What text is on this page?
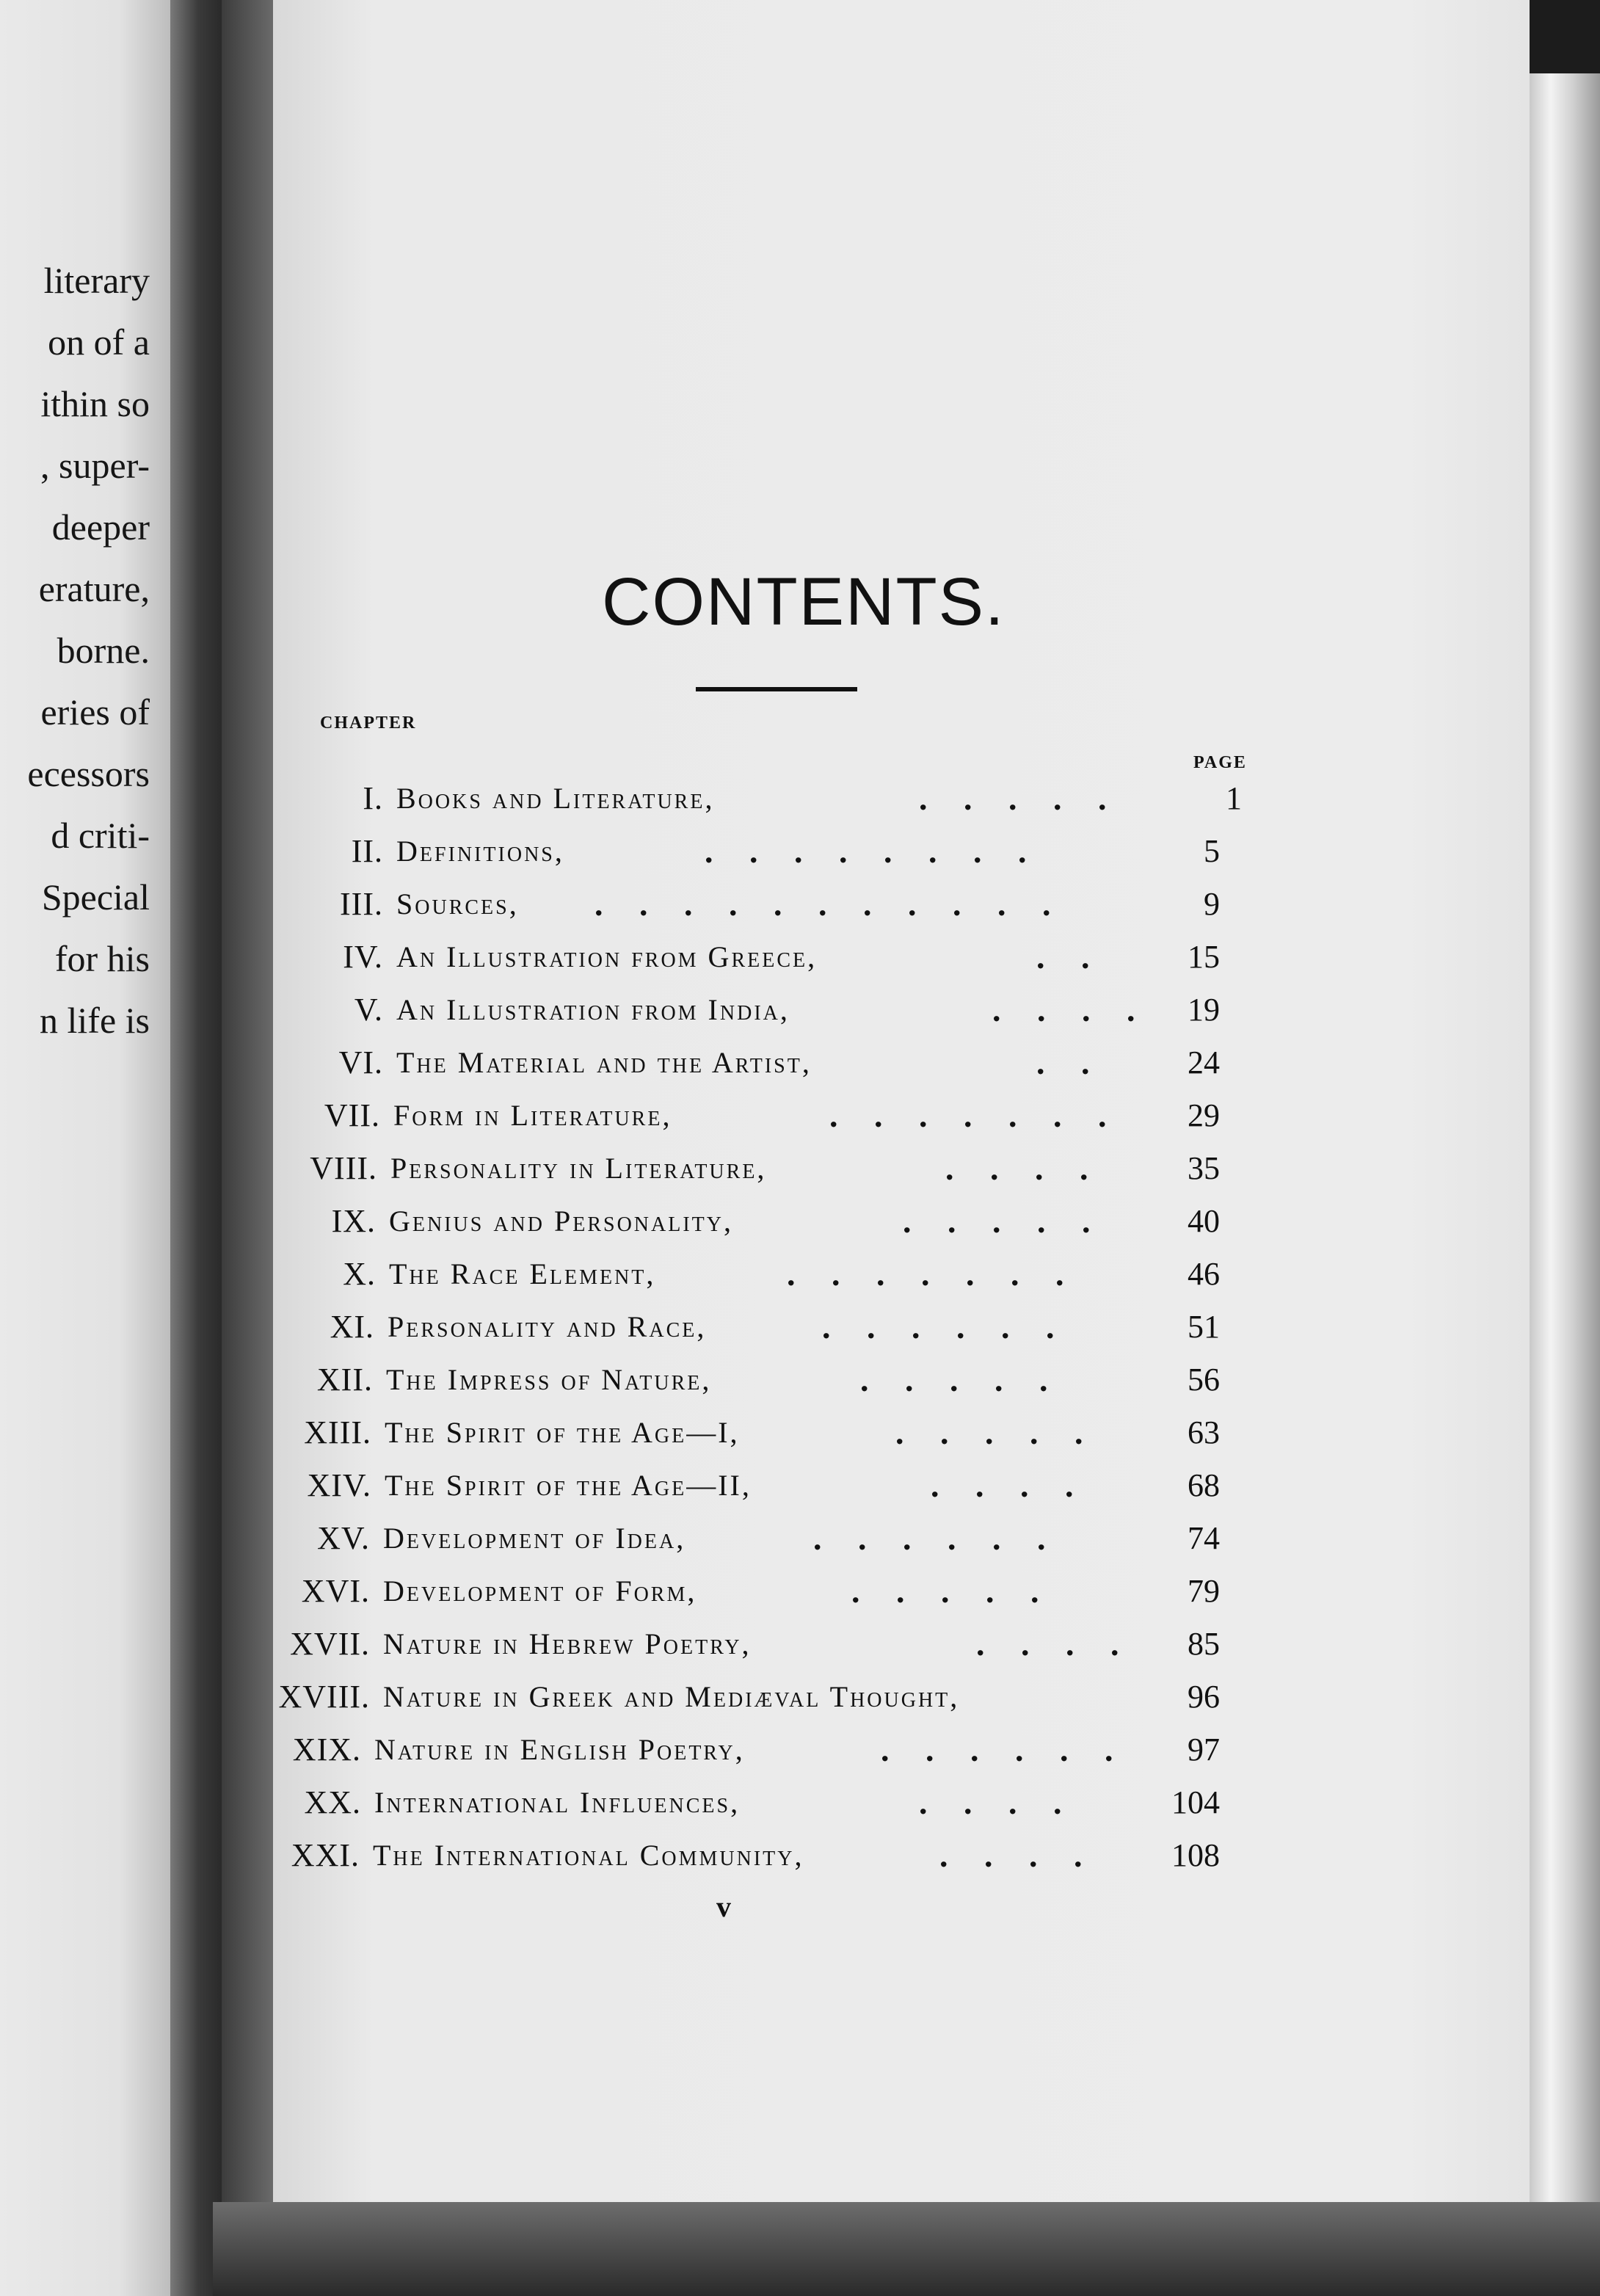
literary
on of a
ithin so
, super-
deeper
erature,
borne.
eries of
ecessors
d criti-
Special
for his
n life is
CONTENTS.
CHAPTER
PAGE
I. Books and Literature,	. . . . .	1
II. Definitions,	. . . . . . . .	5
III. Sources, . . . . . . . . . . .	9
IV. An Illustration from Greece,	. .	15
V. An Illustration from India,	. . . .	19
VI. The Material and the Artist,	. .	24
VII. Form in Literature,	. . . . . . .	29
VIII. Personality in Literature,	. . . .	35
IX. Genius and Personality,	. . . . .	40
X. The Race Element,	. . . . . . .	46
XI. Personality and Race,	. . . . . .	51
XII. The Impress of Nature,	. . . . .	56
XIII. The Spirit of the Age—I,	. . . . .	63
XIV. The Spirit of the Age—II,	. . . .	68
XV. Development of Idea,	. . . . . .	74
XVI. Development of Form,	. . . . .	79
XVII. Nature in Hebrew Poetry,	. . . .	85
XVIII. Nature in Greek and Mediæval Thought,	96
XIX. Nature in English Poetry,	. . . . . .	97
XX. International Influences,	. . . .	104
XXI. The International Community,	. . . .	108
v
